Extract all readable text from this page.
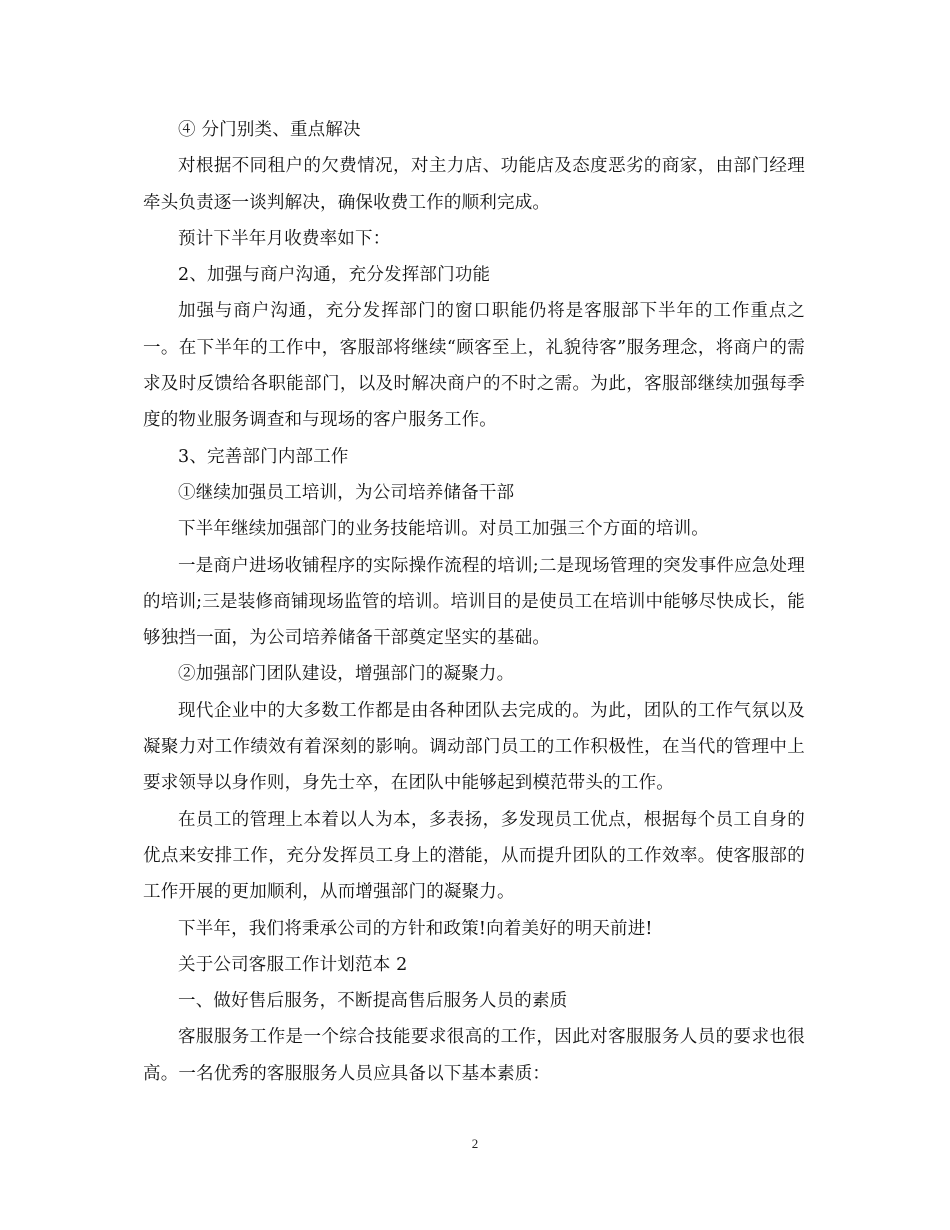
④ 分门别类、重点解决

对根据不同租户的欠费情况，对主力店、功能店及态度恶劣的商家，由部门经理牵头负责逐一谈判解决，确保收费工作的顺利完成。

预计下半年月收费率如下：

2、加强与商户沟通，充分发挥部门功能

加强与商户沟通，充分发挥部门的窗口职能仍将是客服部下半年的工作重点之一。在下半年的工作中，客服部将继续“顾客至上，礼貌待客”服务理念，将商户的需求及时反馈给各职能部门，以及时解决商户的不时之需。为此，客服部继续加强每季度的物业服务调查和与现场的客户服务工作。

3、完善部门内部工作

①继续加强员工培训，为公司培养储备干部

下半年继续加强部门的业务技能培训。对员工加强三个方面的培训。

一是商户进场收铺程序的实际操作流程的培训;二是现场管理的突发事件应急处理的培训;三是装修商铺现场监管的培训。培训目的是使员工在培训中能够尽快成长，能够独挡一面，为公司培养储备干部奠定坚实的基础。

②加强部门团队建设，增强部门的凝聚力。

现代企业中的大多数工作都是由各种团队去完成的。为此，团队的工作气氛以及凝聚力对工作绩效有着深刻的影响。调动部门员工的工作积极性，在当代的管理中上要求领导以身作则，身先士卒，在团队中能够起到模范带头的工作。

在员工的管理上本着以人为本，多表扬，多发现员工优点，根据每个员工自身的优点来安排工作，充分发挥员工身上的潜能，从而提升团队的工作效率。使客服部的工作开展的更加顺利，从而增强部门的凝聚力。

下半年，我们将秉承公司的方针和政策!向着美好的明天前进!

关于公司客服工作计划范本 2

一、做好售后服务，不断提高售后服务人员的素质

客服服务工作是一个综合技能要求很高的工作，因此对客服服务人员的要求也很高。一名优秀的客服服务人员应具备以下基本素质：

2
